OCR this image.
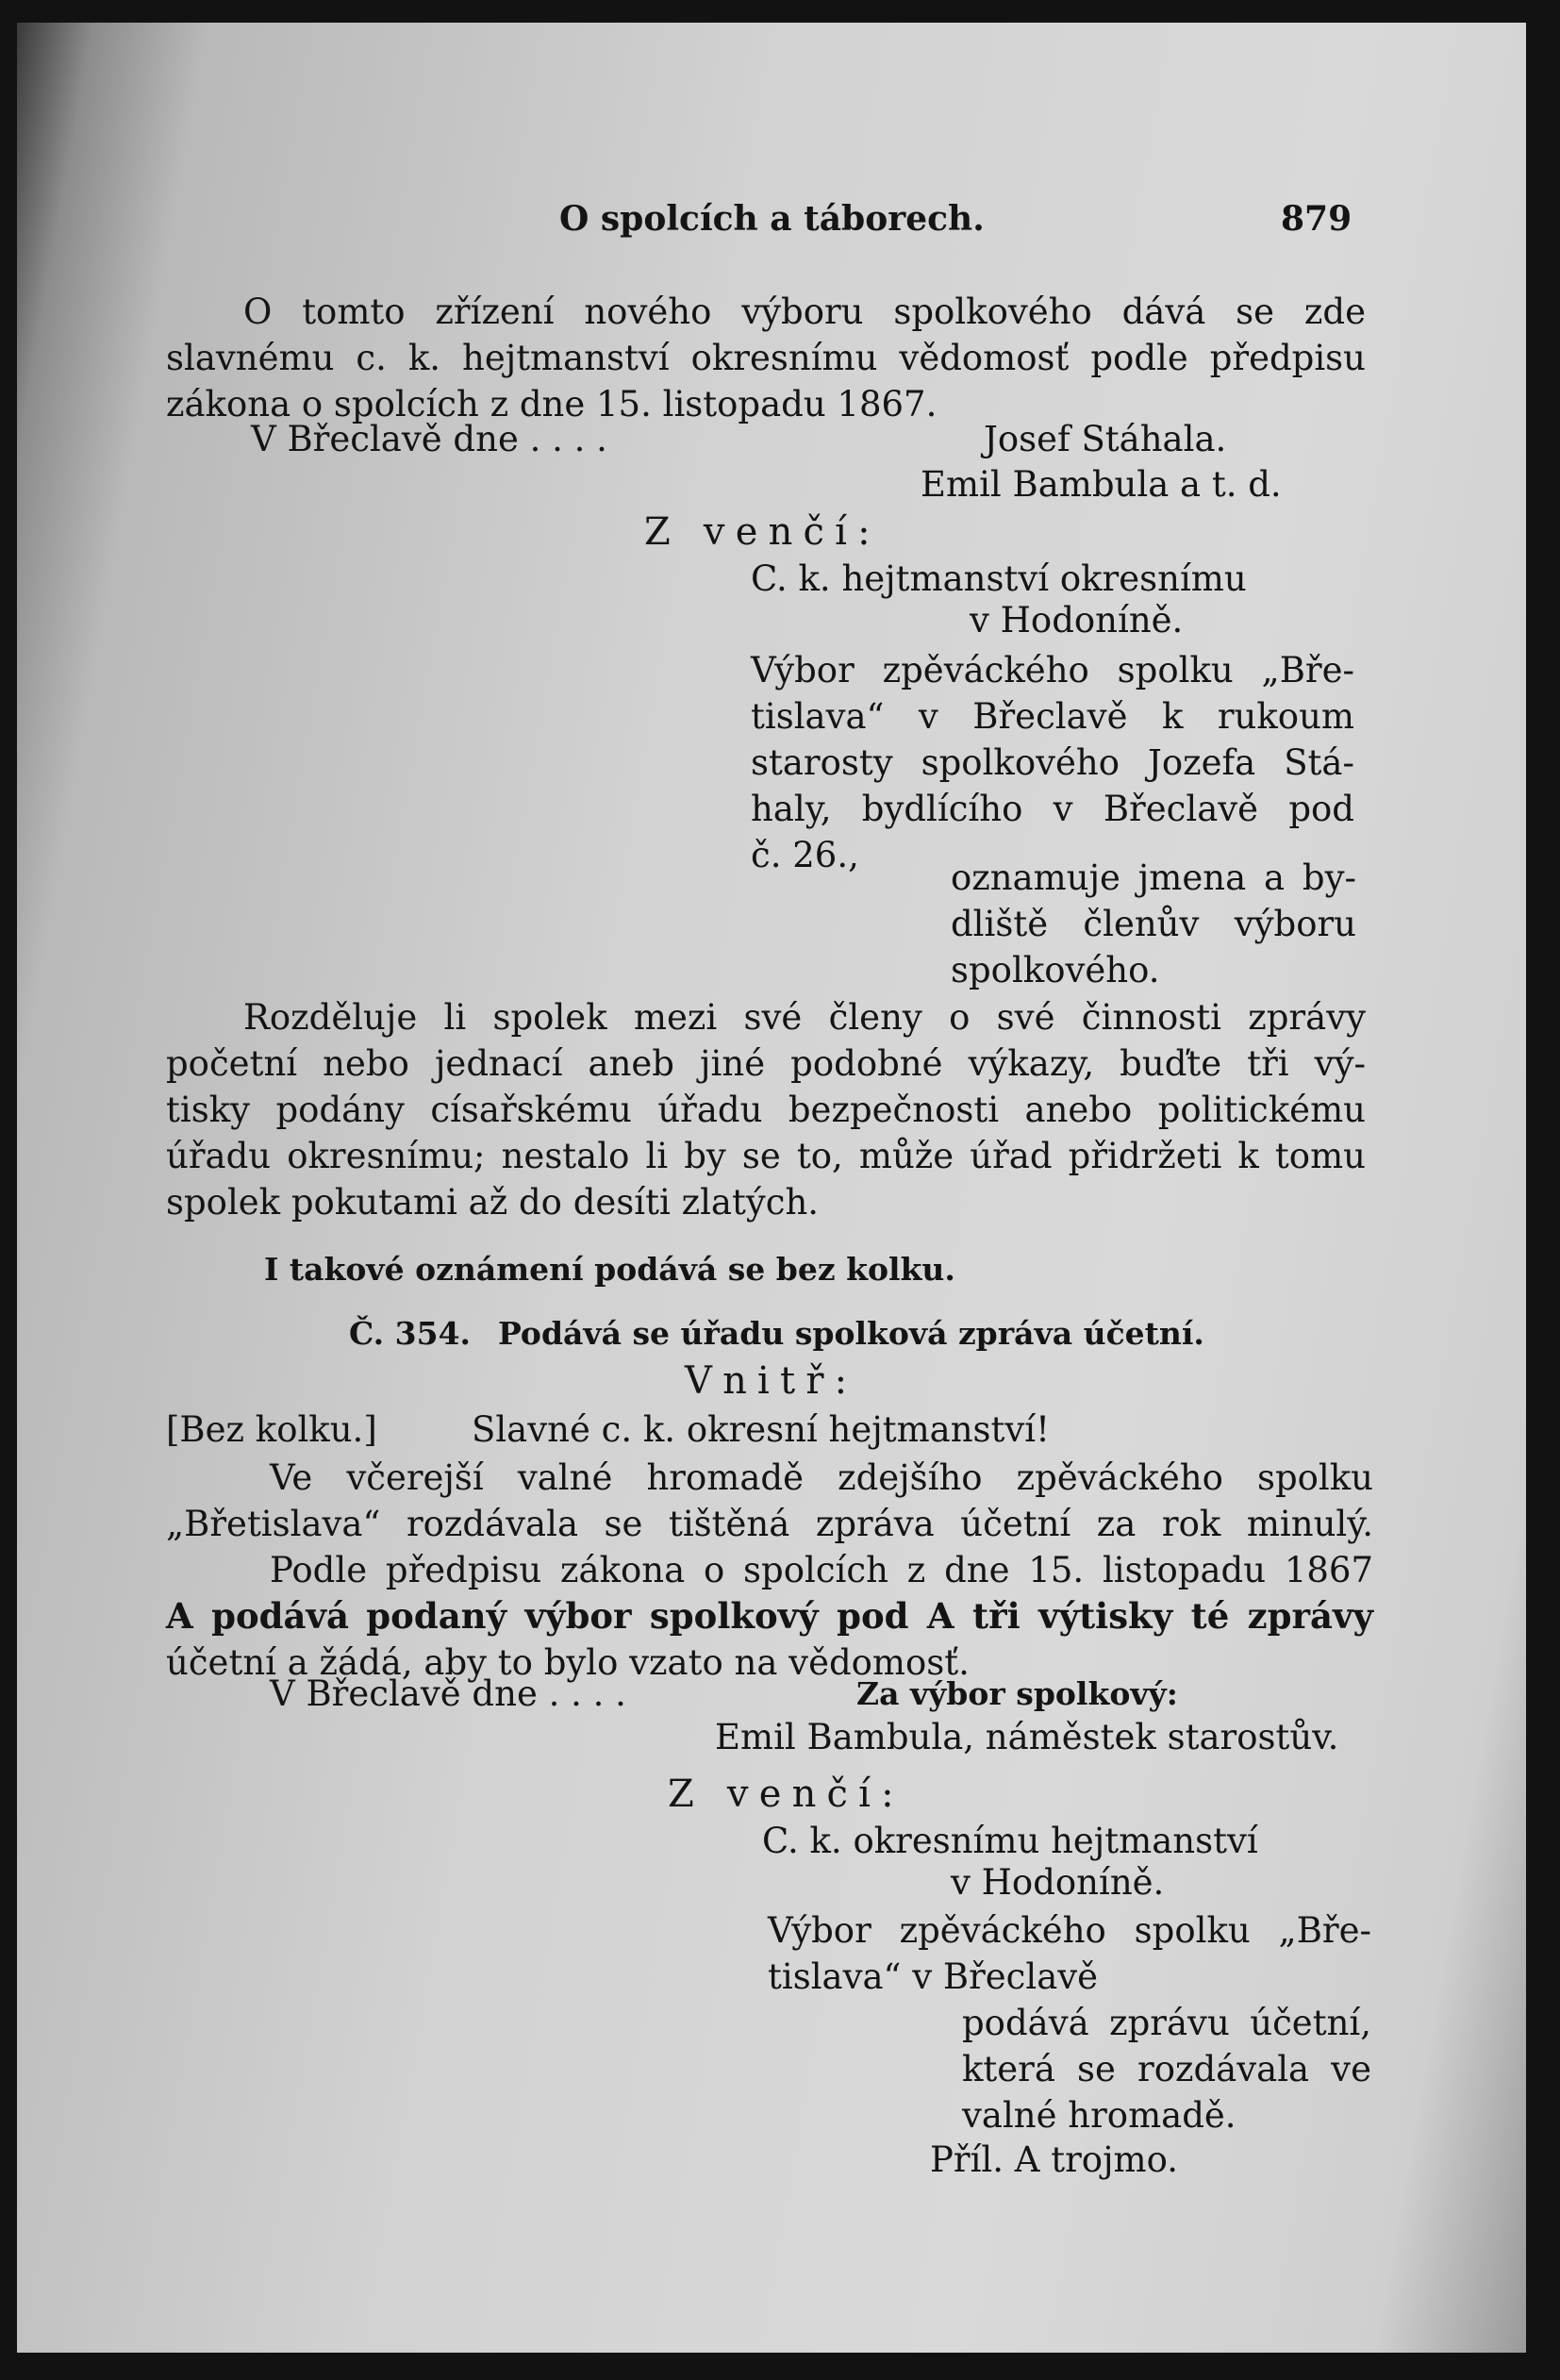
O spolcích a táborech.	879
O tomto zřízení nového výboru spolkového dává se zde
slavnému c. k. hejtmanství okresnímu vědomosť podle předpisu
zákona o spolcích z dne 15. listopadu 1867.
V Břeclavě dne . . . .	Josef Stáhala.
Emil Bambula a t. d.
Z venčí:
C. k. hejtmanství okresnímu
v Hodoníně.
Výbor zpěváckého spolku „Bře-
tislava“ v Břeclavě k rukoum
starosty spolkového Jozefa Stá-
haly, bydlícího v Břeclavě pod
č. 26.,
oznamuje jmena a by-
dliště členův výboru
spolkového.
Rozděluje li spolek mezi své členy o své činnosti zprávy
početní nebo jednací aneb jiné podobné výkazy, buďte tři vý-
tisky podány císařskému úřadu bezpečnosti anebo politickému
úřadu okresnímu; nestalo li by se to, může úřad přidržeti k tomu
spolek pokutami až do desíti zlatých.
I takové oznámení podává se bez kolku.
Č. 354. Podává se úřadu spolková zpráva účetní.
Vnitř:
[Bez kolku.]	Slavné c. k. okresní hejtmanství!
Ve včerejší valné hromadě zdejšího zpěváckého spolku
„Břetislava“ rozdávala se tištěná zpráva účetní za rok minulý.
Podle předpisu zákona o spolcích z dne 15. listopadu 1867
A podává podaný výbor spolkový pod A tři výtisky té zprávy
účetní a žádá, aby to bylo vzato na vědomosť.
V Břeclavě dne . . . .	Za výbor spolkový:
Emil Bambula, náměstek starostův.
Z venčí:
C. k. okresnímu hejtmanství
v Hodoníně.
Výbor zpěváckého spolku „Bře-
tislava“ v Břeclavě
podává zprávu účetní,
která se rozdávala ve
valné hromadě.
Příl. A trojmo.
